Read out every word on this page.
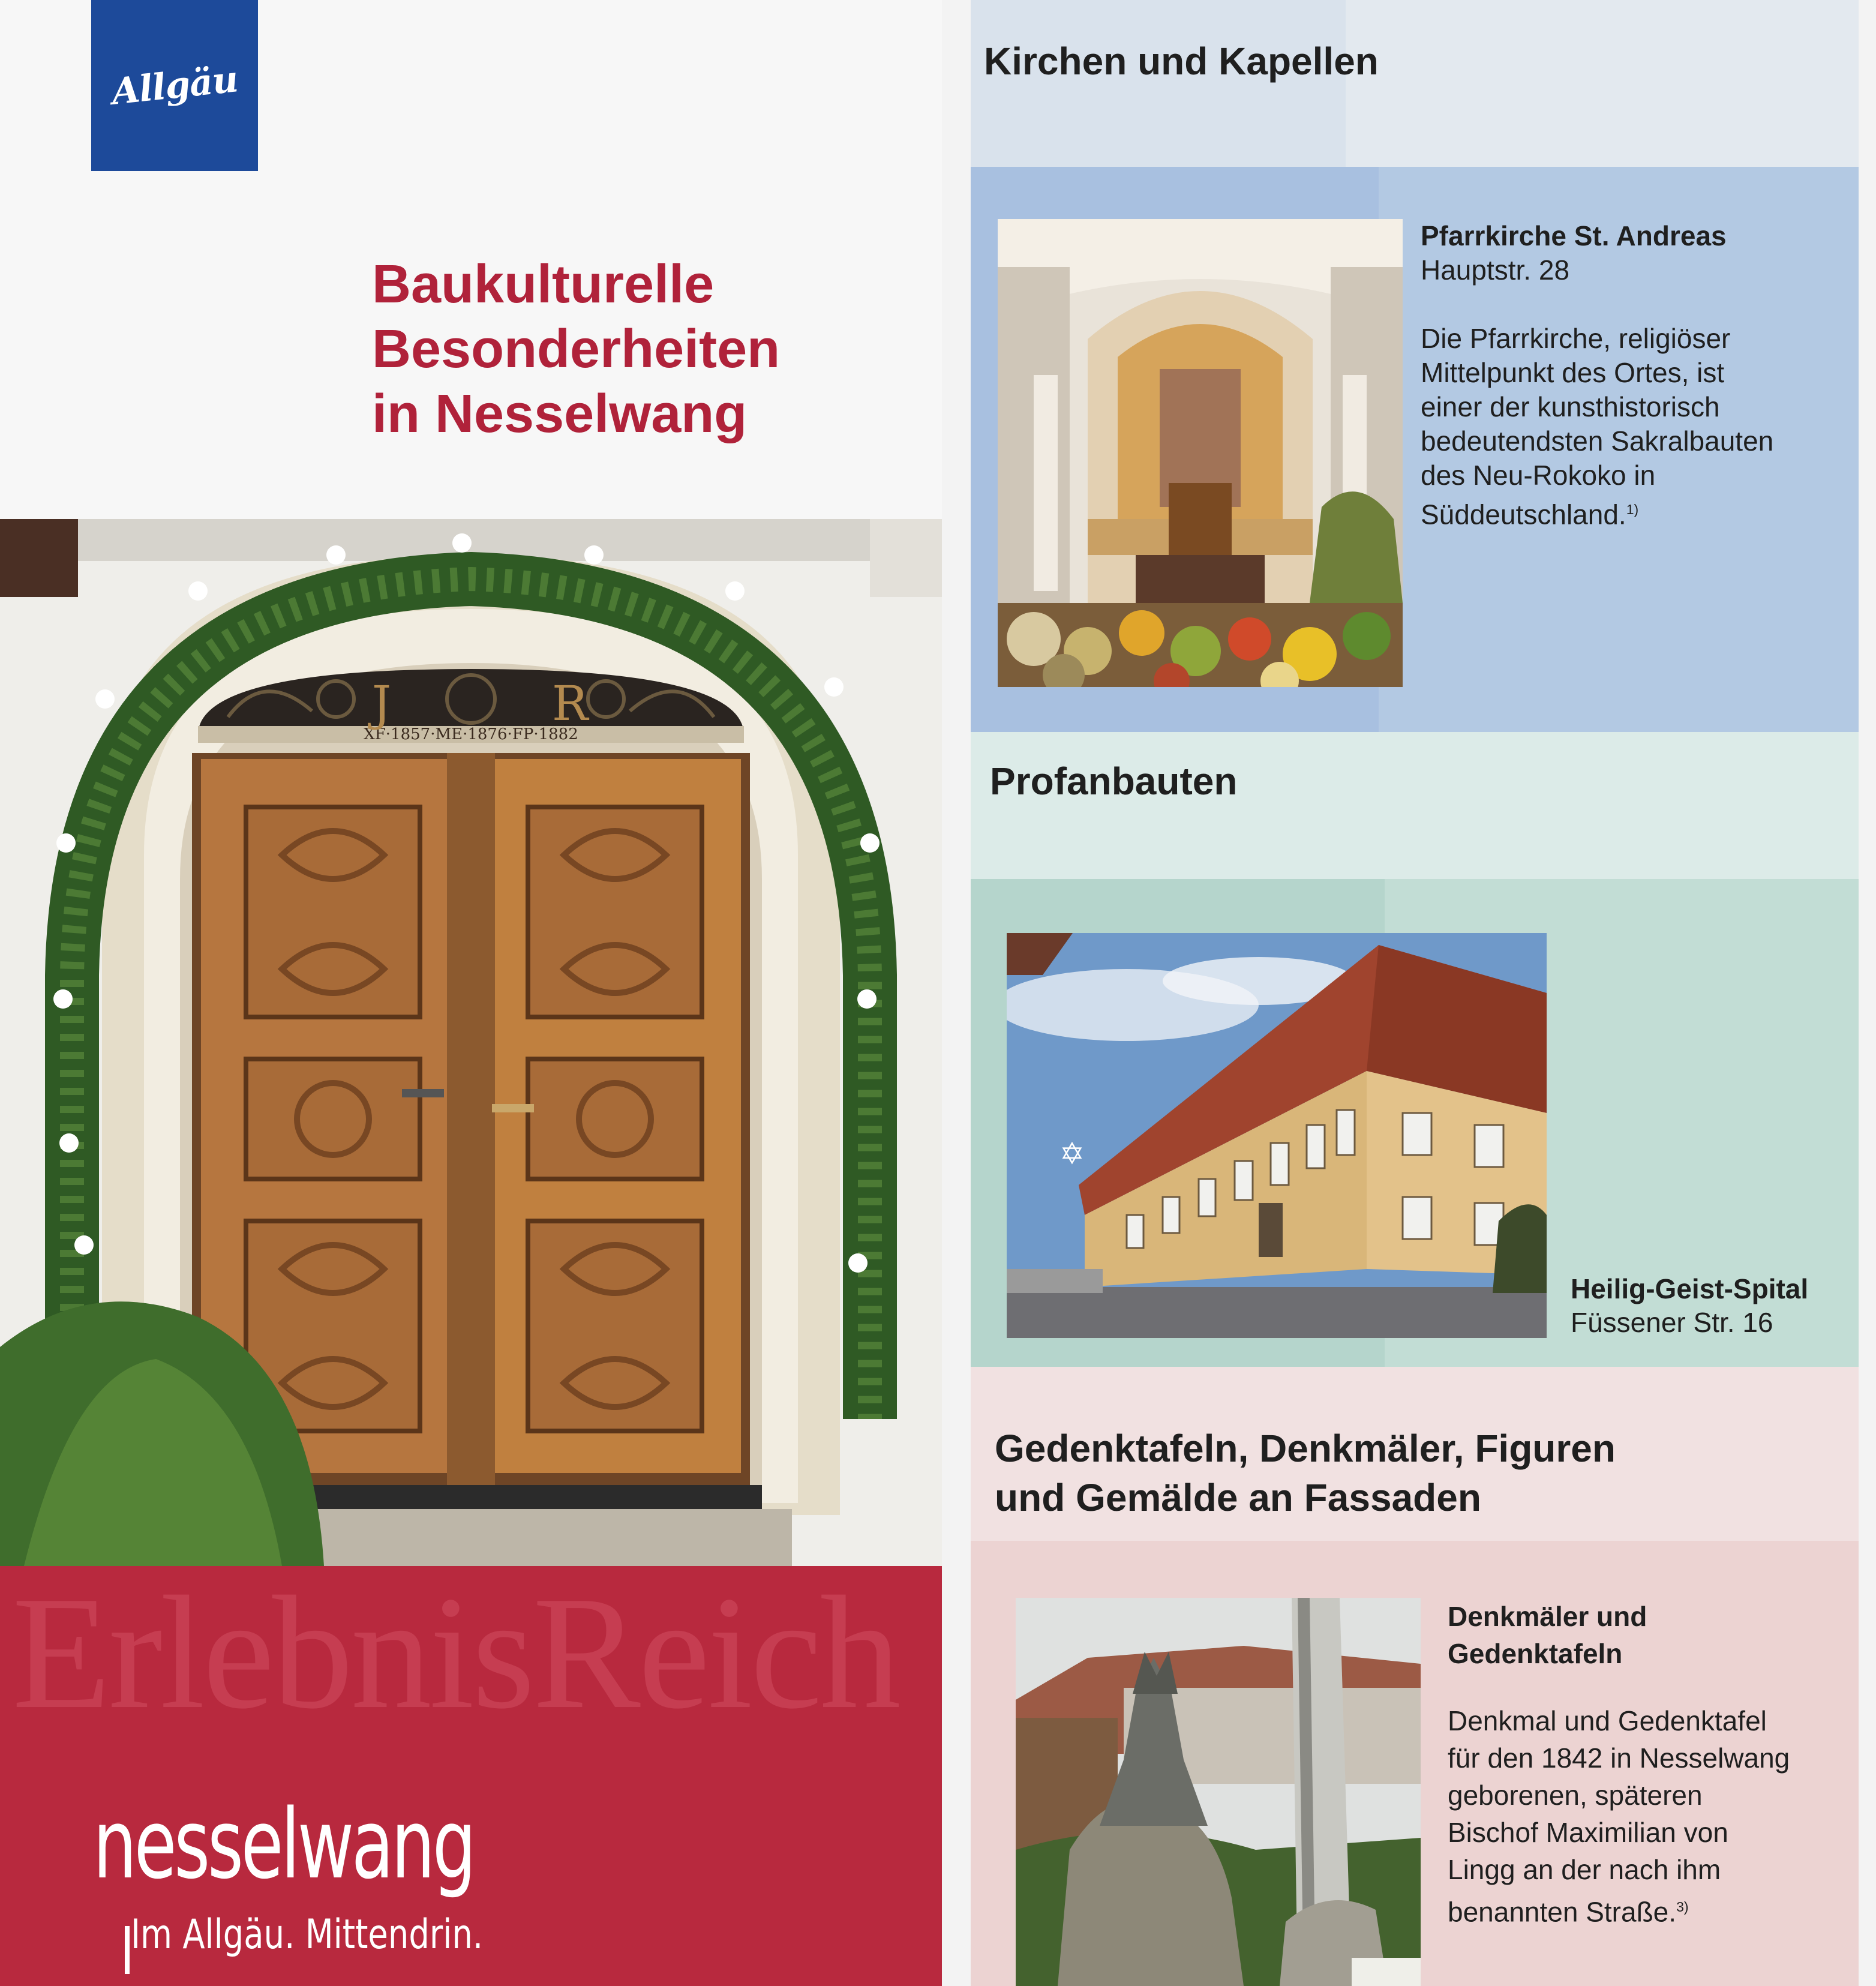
Allgäu
Baukulturelle
Besonderheiten
in Nesselwang
XF·1857·ME·1876·FP·1882
J	R
ErlebnisReich
nesselwang
Im Allgäu. Mittendrin.
Kirchen und Kapellen
Pfarrkirche St. Andreas
Hauptstr. 28
Die Pfarrkirche, religiöser
Mittelpunkt des Ortes, ist
einer der kunsthistorisch
bedeutendsten Sakralbauten
des Neu-Rokoko in
Süddeutschland.$^{1)}$
Profanbauten
✡
Heilig-Geist-Spital
Füssener Str. 16
Gedenktafeln, Denkmäler, Figuren
und Gemälde an Fassaden
Denkmäler und
Gedenktafeln
Denkmal und Gedenktafel
für den 1842 in Nesselwang
geborenen, späteren
Bischof Maximilian von
Lingg an der nach ihm
benannten Straße.$^{3)}$
